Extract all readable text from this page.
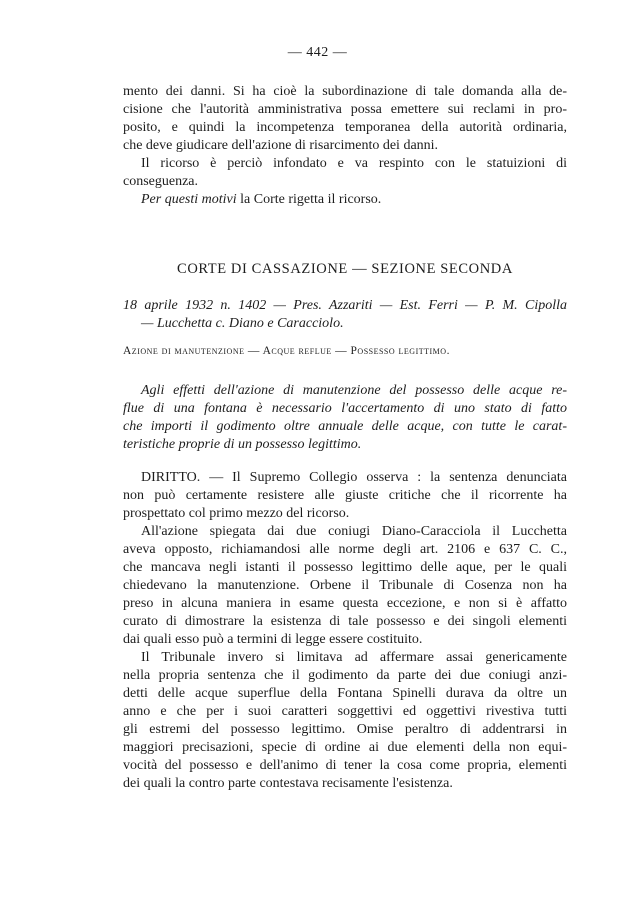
— 442 —

mento dei danni. Si ha cioè la subordinazione di tale domanda alla de-
cisione che l'autorità amministrativa possa emettere sui reclami in pro-
posito, e quindi la incompetenza temporanea della autorità ordinaria,
che deve giudicare dell'azione di risarcimento dei danni.

Il ricorso è perciò infondato e va respinto con le statuizioni di
conseguenza.

Per questi motivi la Corte rigetta il ricorso.

CORTE DI CASSAZIONE — SEZIONE SECONDA
18 aprile 1932 n. 1402 — Pres. Azzariti — Est. Ferri — P. M. Cipolla
— Lucchetta c. Diano e Caracciolo.
Azione di manutenzione — Acque reflue — Possesso legittimo.
Agli effetti dell'azione di manutenzione del possesso delle acque re-
flue di una fontana è necessario l'accertamento di uno stato di fatto
che importi il godimento oltre annuale delle acque, con tutte le carat-
teristiche proprie di un possesso legittimo.

DIRITTO. — Il Supremo Collegio osserva : la sentenza denunciata
non può certamente resistere alle giuste critiche che il ricorrente ha
prospettato col primo mezzo del ricorso.

All'azione spiegata dai due coniugi Diano-Caracciola il Lucchetta
aveva opposto, richiamandosi alle norme degli art. 2106 e 637 C. C.,
che mancava negli istanti il possesso legittimo delle aque, per le quali
chiedevano la manutenzione. Orbene il Tribunale di Cosenza non ha
preso in alcuna maniera in esame questa eccezione, e non si è affatto
curato di dimostrare la esistenza di tale possesso e dei singoli elementi
dai quali esso può a termini di legge essere costituito.

Il Tribunale invero si limitava ad affermare assai genericamente
nella propria sentenza che il godimento da parte dei due coniugi anzi-
detti delle acque superflue della Fontana Spinelli durava da oltre un
anno e che per i suoi caratteri soggettivi ed oggettivi rivestiva tutti
gli estremi del possesso legittimo. Omise peraltro di addentrarsi in
maggiori precisazioni, specie di ordine ai due elementi della non equi-
vocità del possesso e dell'animo di tener la cosa come propria, elementi
dei quali la contro parte contestava recisamente l'esistenza.
